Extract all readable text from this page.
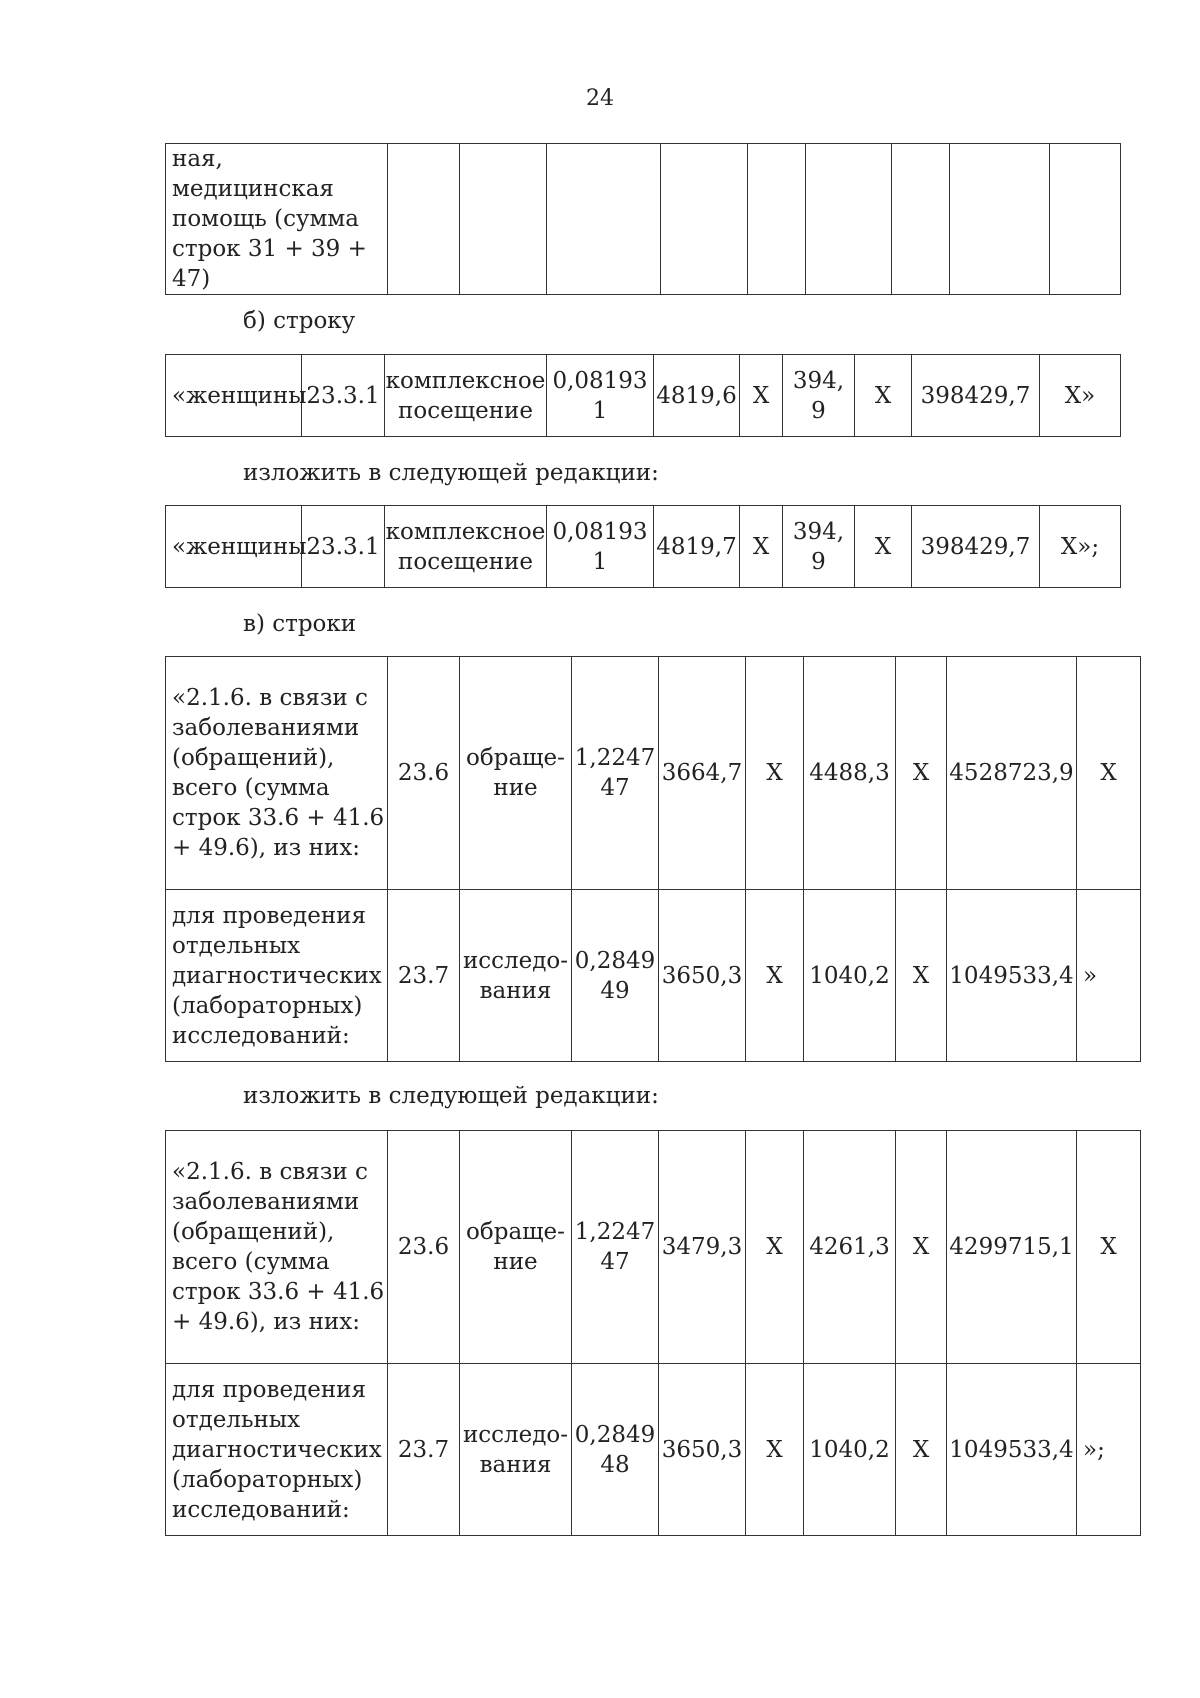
24
ная, медицинская помощь (сумма строк 31 + 39 + 47)									
б) строку
«женщины	23.3.1	комплексное посещение	0,08193 1	4819,6	X	394, 9	X	398429,7	X»
изложить в следующей редакции:
«женщины	23.3.1	комплексное посещение	0,08193 1	4819,7	X	394, 9	X	398429,7	X»;
в) строки
«2.1.6. в связи с заболеваниями (обращений), всего (сумма строк 33.6 + 41.6 + 49.6), из них:	23.6	обраще- ние	1,2247 47	3664,7	X	4488,3	X	4528723,9	X
для проведения отдельных диагностических (лабораторных) исследований:	23.7	исследо- вания	0,2849 49	3650,3	X	1040,2	X	1049533,4	»
изложить в следующей редакции:
«2.1.6. в связи с заболеваниями (обращений), всего (сумма строк 33.6 + 41.6 + 49.6), из них:	23.6	обраще- ние	1,2247 47	3479,3	X	4261,3	X	4299715,1	X
для проведения отдельных диагностических (лабораторных) исследований:	23.7	исследо- вания	0,2849 48	3650,3	X	1040,2	X	1049533,4	»;
